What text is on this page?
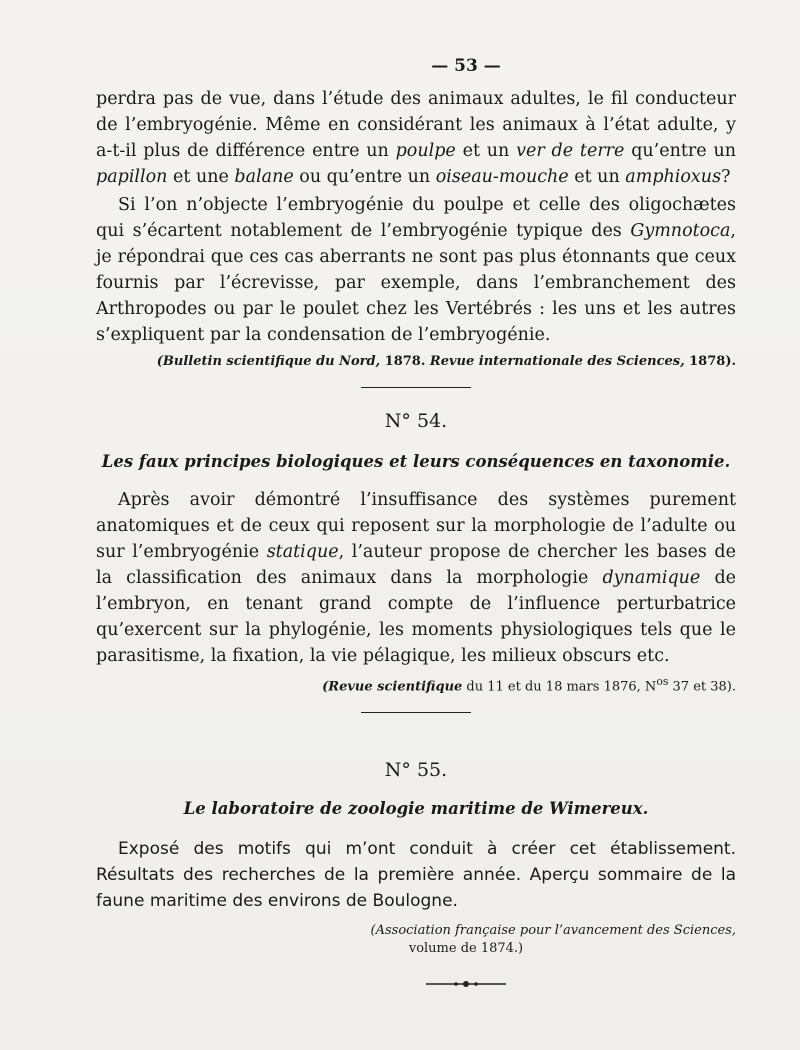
— 53 —

perdra pas de vue, dans l’étude des animaux adultes, le fil conducteur de l’embryogénie. Même en considérant les animaux à l’état adulte, y a-t-il plus de différence entre un poulpe et un ver de terre qu’entre un papillon et une balane ou qu’entre un oiseau-mouche et un amphioxus?

Si l’on n’objecte l’embryogénie du poulpe et celle des oligochætes qui s’écartent notablement de l’embryogénie typique des Gymnotoca, je répondrai que ces cas aberrants ne sont pas plus étonnants que ceux fournis par l’écrevisse, par exemple, dans l’embranchement des Arthropodes ou par le poulet chez les Vertébrés : les uns et les autres s’expliquent par la condensation de l’embryogénie.

(Bulletin scientifique du Nord, 1878. Revue internationale des Sciences, 1878).
N° 54.
Les faux principes biologiques et leurs conséquences en taxonomie.

Après avoir démontré l’insuffisance des systèmes purement anatomiques et de ceux qui reposent sur la morphologie de l’adulte ou sur l’embryogénie statique, l’auteur propose de chercher les bases de la classification des animaux dans la morphologie dynamique de l’embryon, en tenant grand compte de l’influence perturbatrice qu’exercent sur la phylogénie, les moments physiologiques tels que le parasitisme, la fixation, la vie pélagique, les milieux obscurs etc.

(Revue scientifique du 11 et du 18 mars 1876, $N^{os}$ 37 et 38).
N° 55.
Le laboratoire de zoologie maritime de Wimereux.

Exposé des motifs qui m’ont conduit à créer cet établissement. Résultats des recherches de la première année. Aperçu sommaire de la faune maritime des environs de Boulogne.

(Association française pour l’avancement des Sciences,
volume de 1874.)
